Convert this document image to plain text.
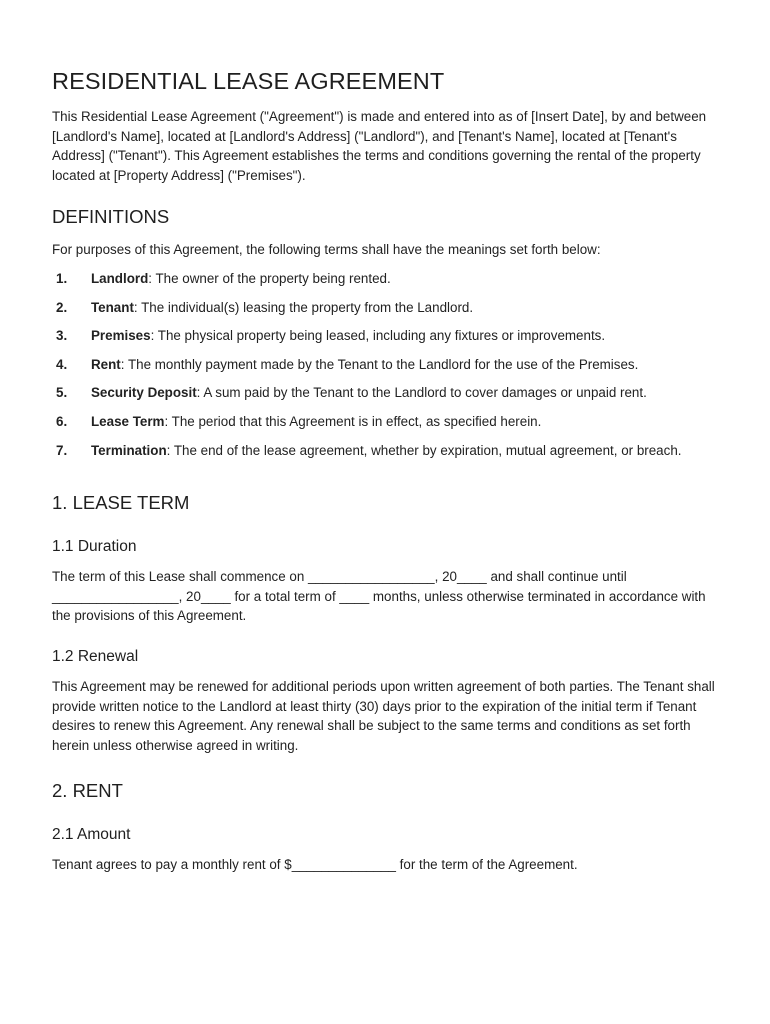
RESIDENTIAL LEASE AGREEMENT

This Residential Lease Agreement ("Agreement") is made and entered into as of [Insert Date], by and between [Landlord's Name], located at [Landlord's Address] ("Landlord"), and [Tenant's Name], located at [Tenant's Address] ("Tenant"). This Agreement establishes the terms and conditions governing the rental of the property located at [Property Address] ("Premises").

DEFINITIONS

For purposes of this Agreement, the following terms shall have the meanings set forth below:

1. Landlord: The owner of the property being rented.
2. Tenant: The individual(s) leasing the property from the Landlord.
3. Premises: The physical property being leased, including any fixtures or improvements.
4. Rent: The monthly payment made by the Tenant to the Landlord for the use of the Premises.
5. Security Deposit: A sum paid by the Tenant to the Landlord to cover damages or unpaid rent.
6. Lease Term: The period that this Agreement is in effect, as specified herein.
7. Termination: The end of the lease agreement, whether by expiration, mutual agreement, or breach.
1. LEASE TERM
1.1 Duration

The term of this Lease shall commence on _________________, 20____ and shall continue until _________________, 20____ for a total term of ____ months, unless otherwise terminated in accordance with the provisions of this Agreement.

1.2 Renewal

This Agreement may be renewed for additional periods upon written agreement of both parties. The Tenant shall provide written notice to the Landlord at least thirty (30) days prior to the expiration of the initial term if Tenant desires to renew this Agreement. Any renewal shall be subject to the same terms and conditions as set forth herein unless otherwise agreed in writing.

2. RENT
2.1 Amount

Tenant agrees to pay a monthly rent of $______________ for the term of the Agreement.
